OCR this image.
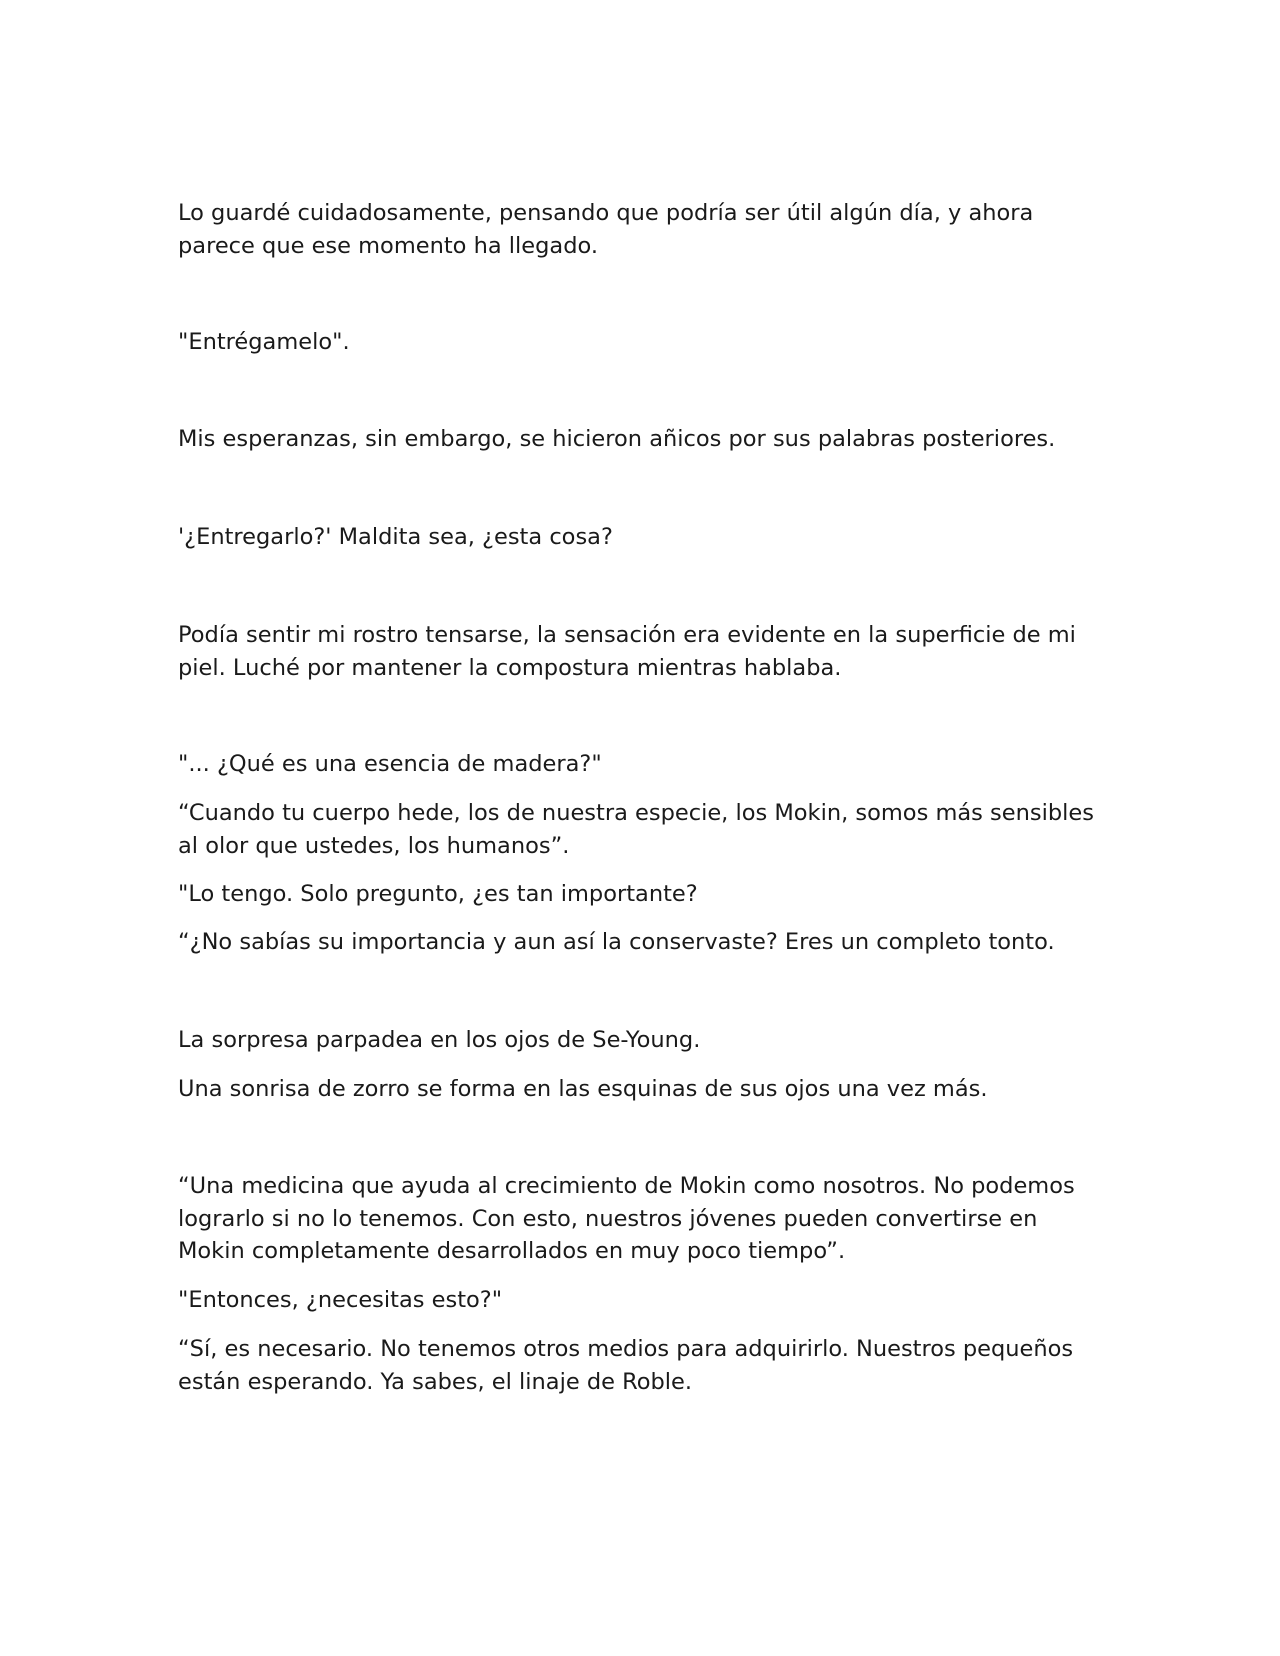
Lo guardé cuidadosamente, pensando que podría ser útil algún día, y ahora parece que ese momento ha llegado.

"Entrégamelo".

Mis esperanzas, sin embargo, se hicieron añicos por sus palabras posteriores.

'¿Entregarlo?' Maldita sea, ¿esta cosa?

Podía sentir mi rostro tensarse, la sensación era evidente en la superficie de mi piel. Luché por mantener la compostura mientras hablaba.

"... ¿Qué es una esencia de madera?"

“Cuando tu cuerpo hede, los de nuestra especie, los Mokin, somos más sensibles al olor que ustedes, los humanos”.

"Lo tengo. Solo pregunto, ¿es tan importante?

“¿No sabías su importancia y aun así la conservaste? Eres un completo tonto.

La sorpresa parpadea en los ojos de Se-Young.

Una sonrisa de zorro se forma en las esquinas de sus ojos una vez más.

“Una medicina que ayuda al crecimiento de Mokin como nosotros. No podemos lograrlo si no lo tenemos. Con esto, nuestros jóvenes pueden convertirse en Mokin completamente desarrollados en muy poco tiempo”.

"Entonces, ¿necesitas esto?"

“Sí, es necesario. No tenemos otros medios para adquirirlo. Nuestros pequeños están esperando. Ya sabes, el linaje de Roble.
